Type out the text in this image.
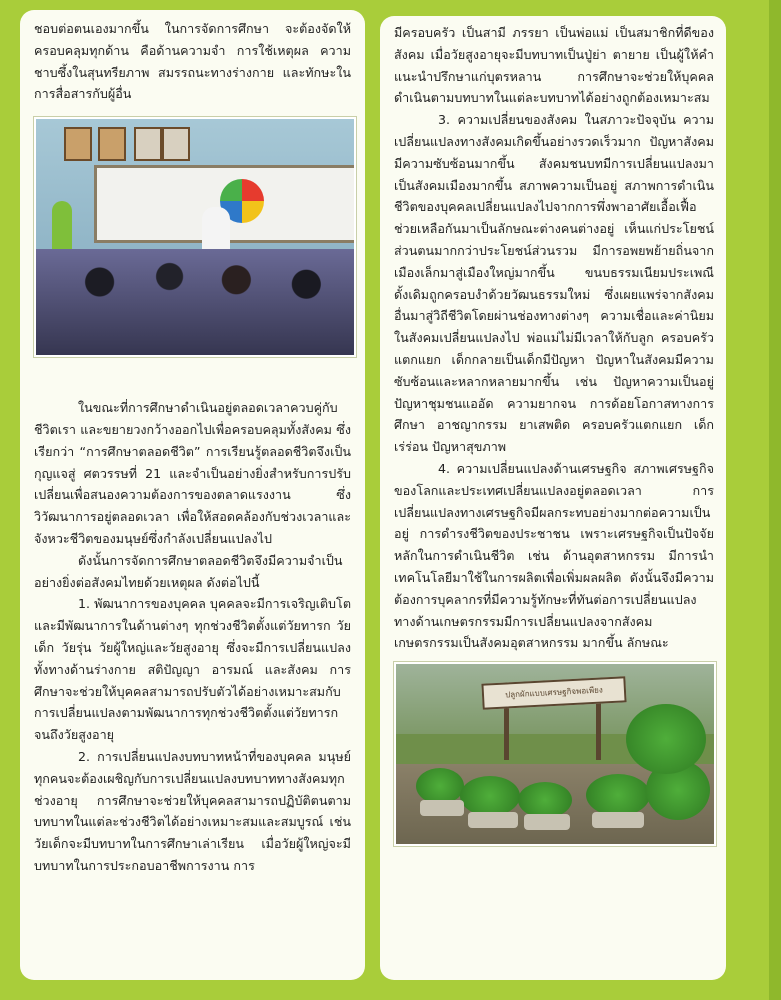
ชอบต่อตนเองมากขึ้น ในการจัดการศึกษา จะต้องจัดให้ครอบคลุมทุกด้าน คือด้านความจำ การใช้เหตุผล ความชาบซึ้งในสุนทรียภาพ สมรรถนะทางร่างกาย และทักษะในการสื่อสารกับผู้อื่น

ในขณะที่การศึกษาดำเนินอยู่ตลอดเวลาควบคู่กับชีวิตเรา และขยายวงกว้างออกไปเพื่อครอบคลุมทั้งสังคม ซึ่งเรียกว่า “การศึกษาตลอดชีวิต” การเรียนรู้ตลอดชีวิตจึงเป็นกุญแจสู่ ศตวรรษที่ 21 และจำเป็นอย่างยิ่งสำหรับการปรับเปลี่ยนเพื่อสนองความต้องการของตลาดแรงงาน ซึ่งวิวัฒนาการอยู่ตลอดเวลา เพื่อให้สอดคล้องกับช่วงเวลาและจังหวะชีวิตของมนุษย์ซึ่งกำลังเปลี่ยนแปลงไป

ดังนั้นการจัดการศึกษาตลอดชีวิตจึงมีความจำเป็นอย่างยิ่งต่อสังคมไทยด้วยเหตุผล ดังต่อไปนี้

1. พัฒนาการของบุคคล บุคคลจะมีการเจริญเติบโตและมีพัฒนาการในด้านต่างๆ ทุกช่วงชีวิตตั้งแต่วัยทารก วัยเด็ก วัยรุ่น วัยผู้ใหญ่และวัยสูงอายุ ซึ่งจะมีการเปลี่ยนแปลงทั้งทางด้านร่างกาย สติปัญญา อารมณ์ และสังคม การศึกษาจะช่วยให้บุคคลสามารถปรับตัวได้อย่างเหมาะสมกับการเปลี่ยนแปลงตามพัฒนาการทุกช่วงชีวิตตั้งแต่วัยทารกจนถึงวัยสูงอายุ

2. การเปลี่ยนแปลงบทบาทหน้าที่ของบุคคล มนุษย์ทุกคนจะต้องเผชิญกับการเปลี่ยนแปลงบทบาททางสังคมทุกช่วงอายุ การศึกษาจะช่วยให้บุคคลสามารถปฏิบัติตนตามบทบาทในแต่ละช่วงชีวิตได้อย่างเหมาะสมและสมบูรณ์ เช่นวัยเด็กจะมีบทบาทในการศึกษาเล่าเรียน เมื่อวัยผู้ใหญ่จะมีบทบาทในการประกอบอาชีพการงาน การ

มีครอบครัว เป็นสามี ภรรยา เป็นพ่อแม่ เป็นสมาชิกที่ดีของสังคม เมื่อวัยสูงอายุจะมีบทบาทเป็นปู่ย่า ตายาย เป็นผู้ให้คำแนะนำปรึกษาแก่บุตรหลาน การศึกษาจะช่วยให้บุคคลดำเนินตามบทบาทในแต่ละบทบาทได้อย่างถูกต้องเหมาะสม

3. ความเปลี่ยนของสังคม ในสภาวะปัจจุบัน ความเปลี่ยนแปลงทางสังคมเกิดขึ้นอย่างรวดเร็วมาก ปัญหาสังคมมีความซับซ้อนมากขึ้น สังคมชนบทมีการเปลี่ยนแปลงมาเป็นสังคมเมืองมากขึ้น สภาพความเป็นอยู่ สภาพการดำเนินชีวิตของบุคคลเปลี่ยนแปลงไปจากการพึ่งพาอาศัยเอื้อเฟื้อช่วยเหลือกันมาเป็นลักษณะต่างคนต่างอยู่ เห็นแก่ประโยชน์ส่วนตนมากกว่าประโยชน์ส่วนรวม มีการอพยพย้ายถิ่นจากเมืองเล็กมาสู่เมืองใหญ่มากขึ้น ขนบธรรมเนียมประเพณีดั้งเดิมถูกครอบงำด้วยวัฒนธรรมใหม่ ซึ่งเผยแพร่จากสังคมอื่นมาสู่วิถีชีวิตโดยผ่านช่องทางต่างๆ ความเชื่อและค่านิยมในสังคมเปลี่ยนแปลงไป พ่อแม่ไม่มีเวลาให้กับลูก ครอบครัวแตกแยก เด็กกลายเป็นเด็กมีปัญหา ปัญหาในสังคมมีความซับซ้อนและหลากหลายมากขึ้น เช่น ปัญหาความเป็นอยู่ ปัญหาชุมชนแออัด ความยากจน การด้อยโอกาสทางการศึกษา อาชญากรรม ยาเสพติด ครอบครัวแตกแยก เด็กเร่ร่อน ปัญหาสุขภาพ

4. ความเปลี่ยนแปลงด้านเศรษฐกิจ สภาพเศรษฐกิจของโลกและประเทศเปลี่ยนแปลงอยู่ตลอดเวลา การเปลี่ยนแปลงทางเศรษฐกิจมีผลกระทบอย่างมากต่อความเป็นอยู่ การดำรงชีวิตของประชาชน เพราะเศรษฐกิจเป็นปัจจัยหลักในการดำเนินชีวิต เช่น ด้านอุตสาหกรรม มีการนำเทคโนโลยีมาใช้ในการผลิตเพื่อเพิ่มผลผลิต ดังนั้นจึงมีความต้องการบุคลากรที่มีความรู้ทักษะที่ทันต่อการเปลี่ยนแปลง ทางด้านเกษตรกรรมมีการเปลี่ยนแปลงจากสังคมเกษตรกรรมเป็นสังคมอุตสาหกรรม มากขึ้น ลักษณะ

ปลูกผักแบบเศรษฐกิจพอเพียง
